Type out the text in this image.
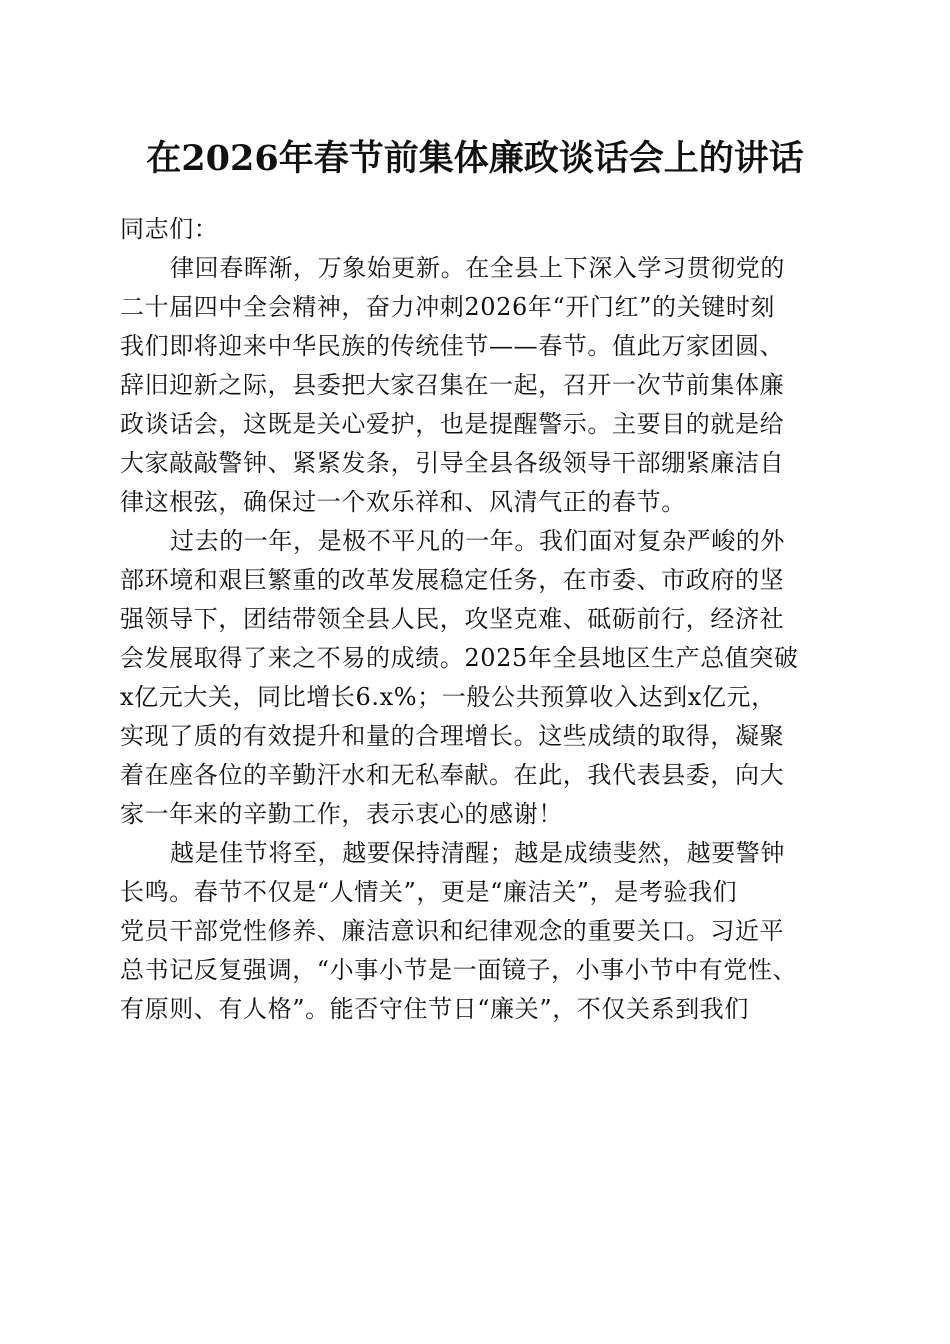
在2026年春节前集体廉政谈话会上的讲话
同志们：
律回春晖渐，万象始更新。在全县上下深入学习贯彻党的
二十届四中全会精神，奋力冲刺2026年“开门红”的关键时刻
我们即将迎来中华民族的传统佳节——春节。值此万家团圆、
辞旧迎新之际，县委把大家召集在一起，召开一次节前集体廉
政谈话会，这既是关心爱护，也是提醒警示。主要目的就是给
大家敲敲警钟、紧紧发条，引导全县各级领导干部绷紧廉洁自
律这根弦，确保过一个欢乐祥和、风清气正的春节。
过去的一年，是极不平凡的一年。我们面对复杂严峻的外
部环境和艰巨繁重的改革发展稳定任务，在市委、市政府的坚
强领导下，团结带领全县人民，攻坚克难、砥砺前行，经济社
会发展取得了来之不易的成绩。2025年全县地区生产总值突破
x亿元大关，同比增长6.x%；一般公共预算收入达到x亿元，
实现了质的有效提升和量的合理增长。这些成绩的取得，凝聚
着在座各位的辛勤汗水和无私奉献。在此，我代表县委，向大
家一年来的辛勤工作，表示衷心的感谢！
越是佳节将至，越要保持清醒；越是成绩斐然，越要警钟
长鸣。春节不仅是“人情关”，更是“廉洁关”，是考验我们
党员干部党性修养、廉洁意识和纪律观念的重要关口。习近平
总书记反复强调，“小事小节是一面镜子，小事小节中有党性、
有原则、有人格”。能否守住节日“廉关”，不仅关系到我们
